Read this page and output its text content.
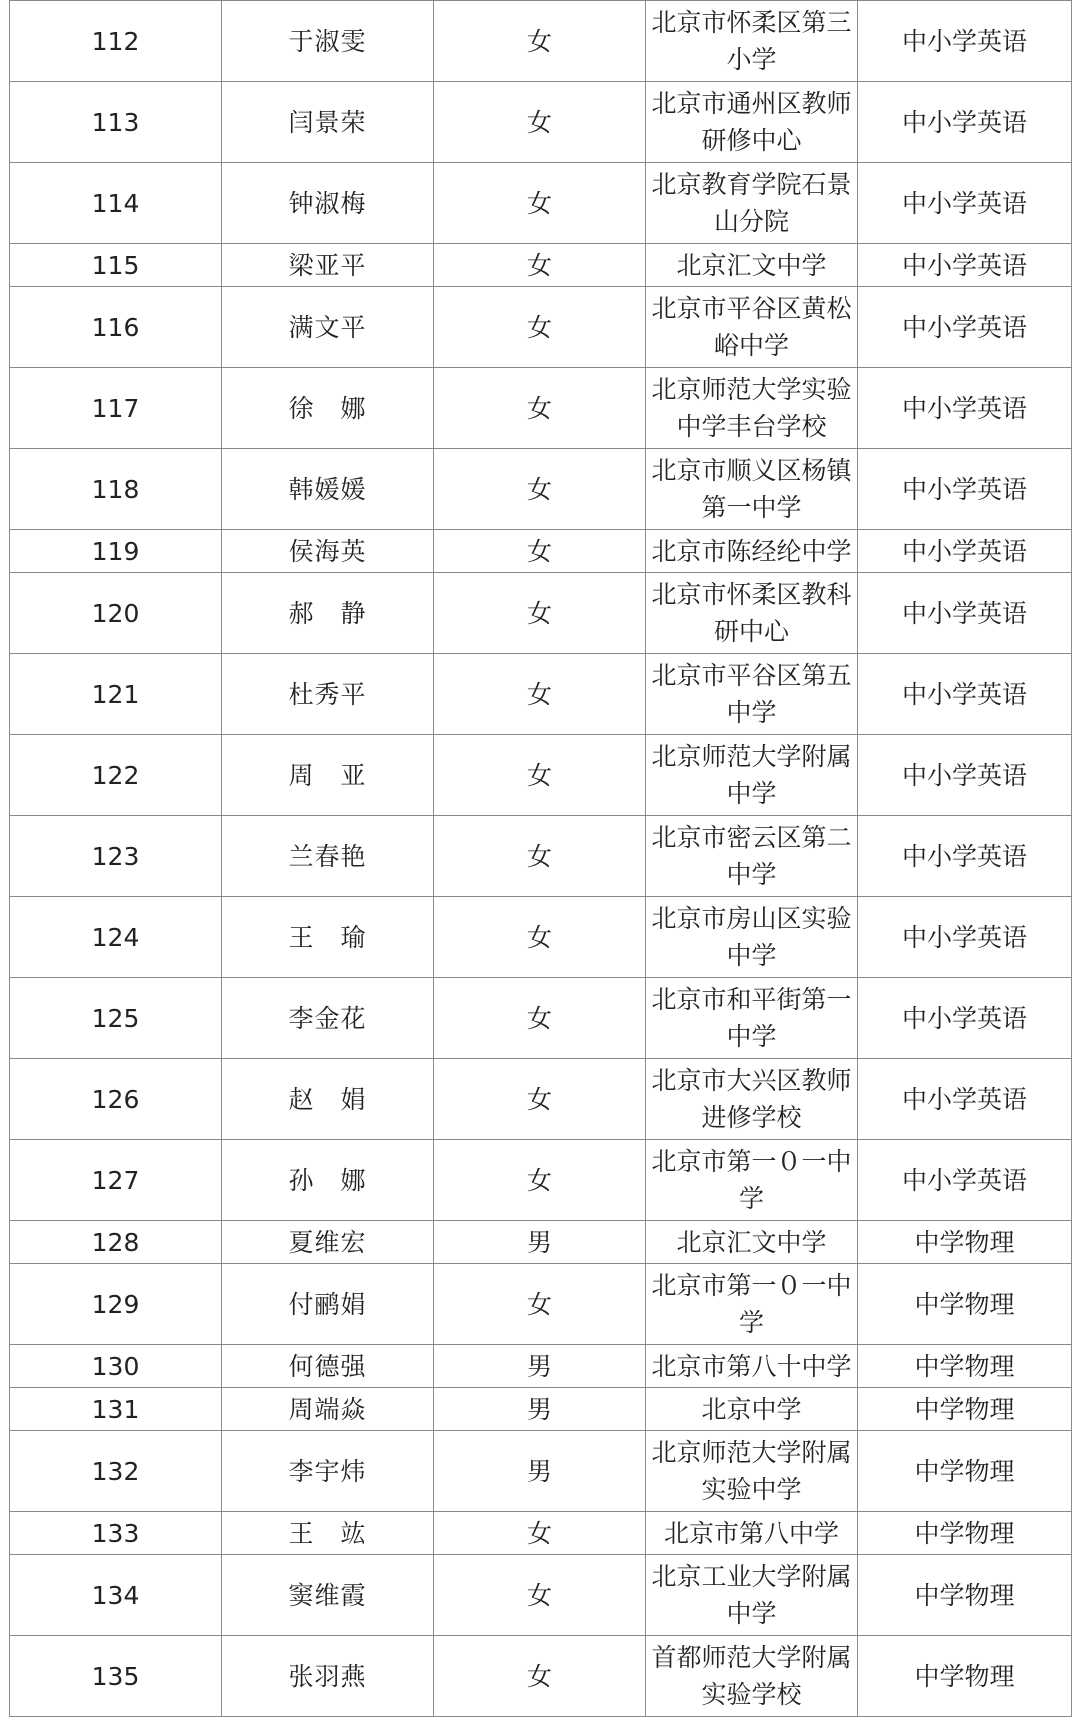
112	于淑雯	女	北京市怀柔区第三小学	中小学英语
113	闫景荣	女	北京市通州区教师研修中心	中小学英语
114	钟淑梅	女	北京教育学院石景山分院	中小学英语
115	梁亚平	女	北京汇文中学	中小学英语
116	满文平	女	北京市平谷区黄松峪中学	中小学英语
117	徐　娜	女	北京师范大学实验中学丰台学校	中小学英语
118	韩媛媛	女	北京市顺义区杨镇第一中学	中小学英语
119	侯海英	女	北京市陈经纶中学	中小学英语
120	郝　静	女	北京市怀柔区教科研中心	中小学英语
121	杜秀平	女	北京市平谷区第五中学	中小学英语
122	周　亚	女	北京师范大学附属中学	中小学英语
123	兰春艳	女	北京市密云区第二中学	中小学英语
124	王　瑜	女	北京市房山区实验中学	中小学英语
125	李金花	女	北京市和平街第一中学	中小学英语
126	赵　娟	女	北京市大兴区教师进修学校	中小学英语
127	孙　娜	女	北京市第一０一中学	中小学英语
128	夏维宏	男	北京汇文中学	中学物理
129	付鹂娟	女	北京市第一０一中学	中学物理
130	何德强	男	北京市第八十中学	中学物理
131	周端焱	男	北京中学	中学物理
132	李宇炜	男	北京师范大学附属实验中学	中学物理
133	王　竑	女	北京市第八中学	中学物理
134	窦维霞	女	北京工业大学附属中学	中学物理
135	张羽燕	女	首都师范大学附属实验学校	中学物理
